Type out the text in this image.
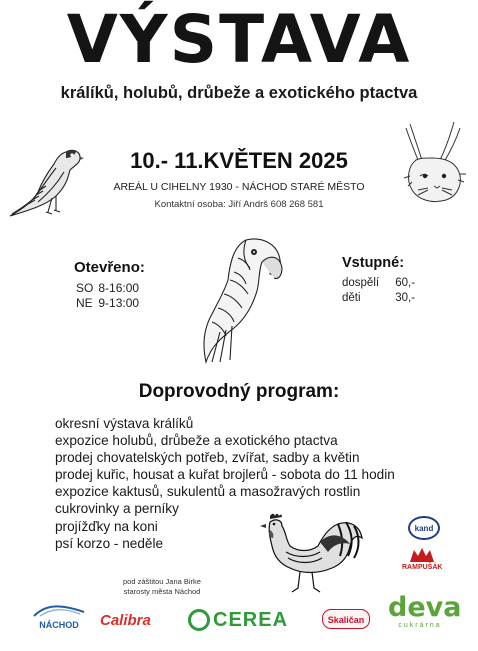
VÝSTAVA
králíků, holubů, drůbeže a exotického ptactva
10.- 11.KVĚTEN 2025
AREÁL U CIHELNY 1930 - NÁCHOD STARÉ MĚSTO
Kontaktní osoba: Jiří Andrš 608 268 581
Otevřeno:
SO 8-16:00
NE 9-13:00
Vstupné:
dospělí 60,-
děti	30,-
Doprovodný program:
okresní výstava králíků
expozice holubů, drůbeže a exotického ptactva
prodej chovatelských potřeb, zvířat, sadby a květin
prodej kuřic, housat a kuřat brojlerů - sobota do 11 hodin
expozice kaktusů, sukulentů a masožravých rostlin
cukrovinky a perníky
projížďky na koni
psí korzo - neděle
pod záštitou Jana Birke
starosty města Náchod
NÁCHOD	Calibra	CEREA	Skaličan deva
cukrárna
RAMPUŠÁK
kand
